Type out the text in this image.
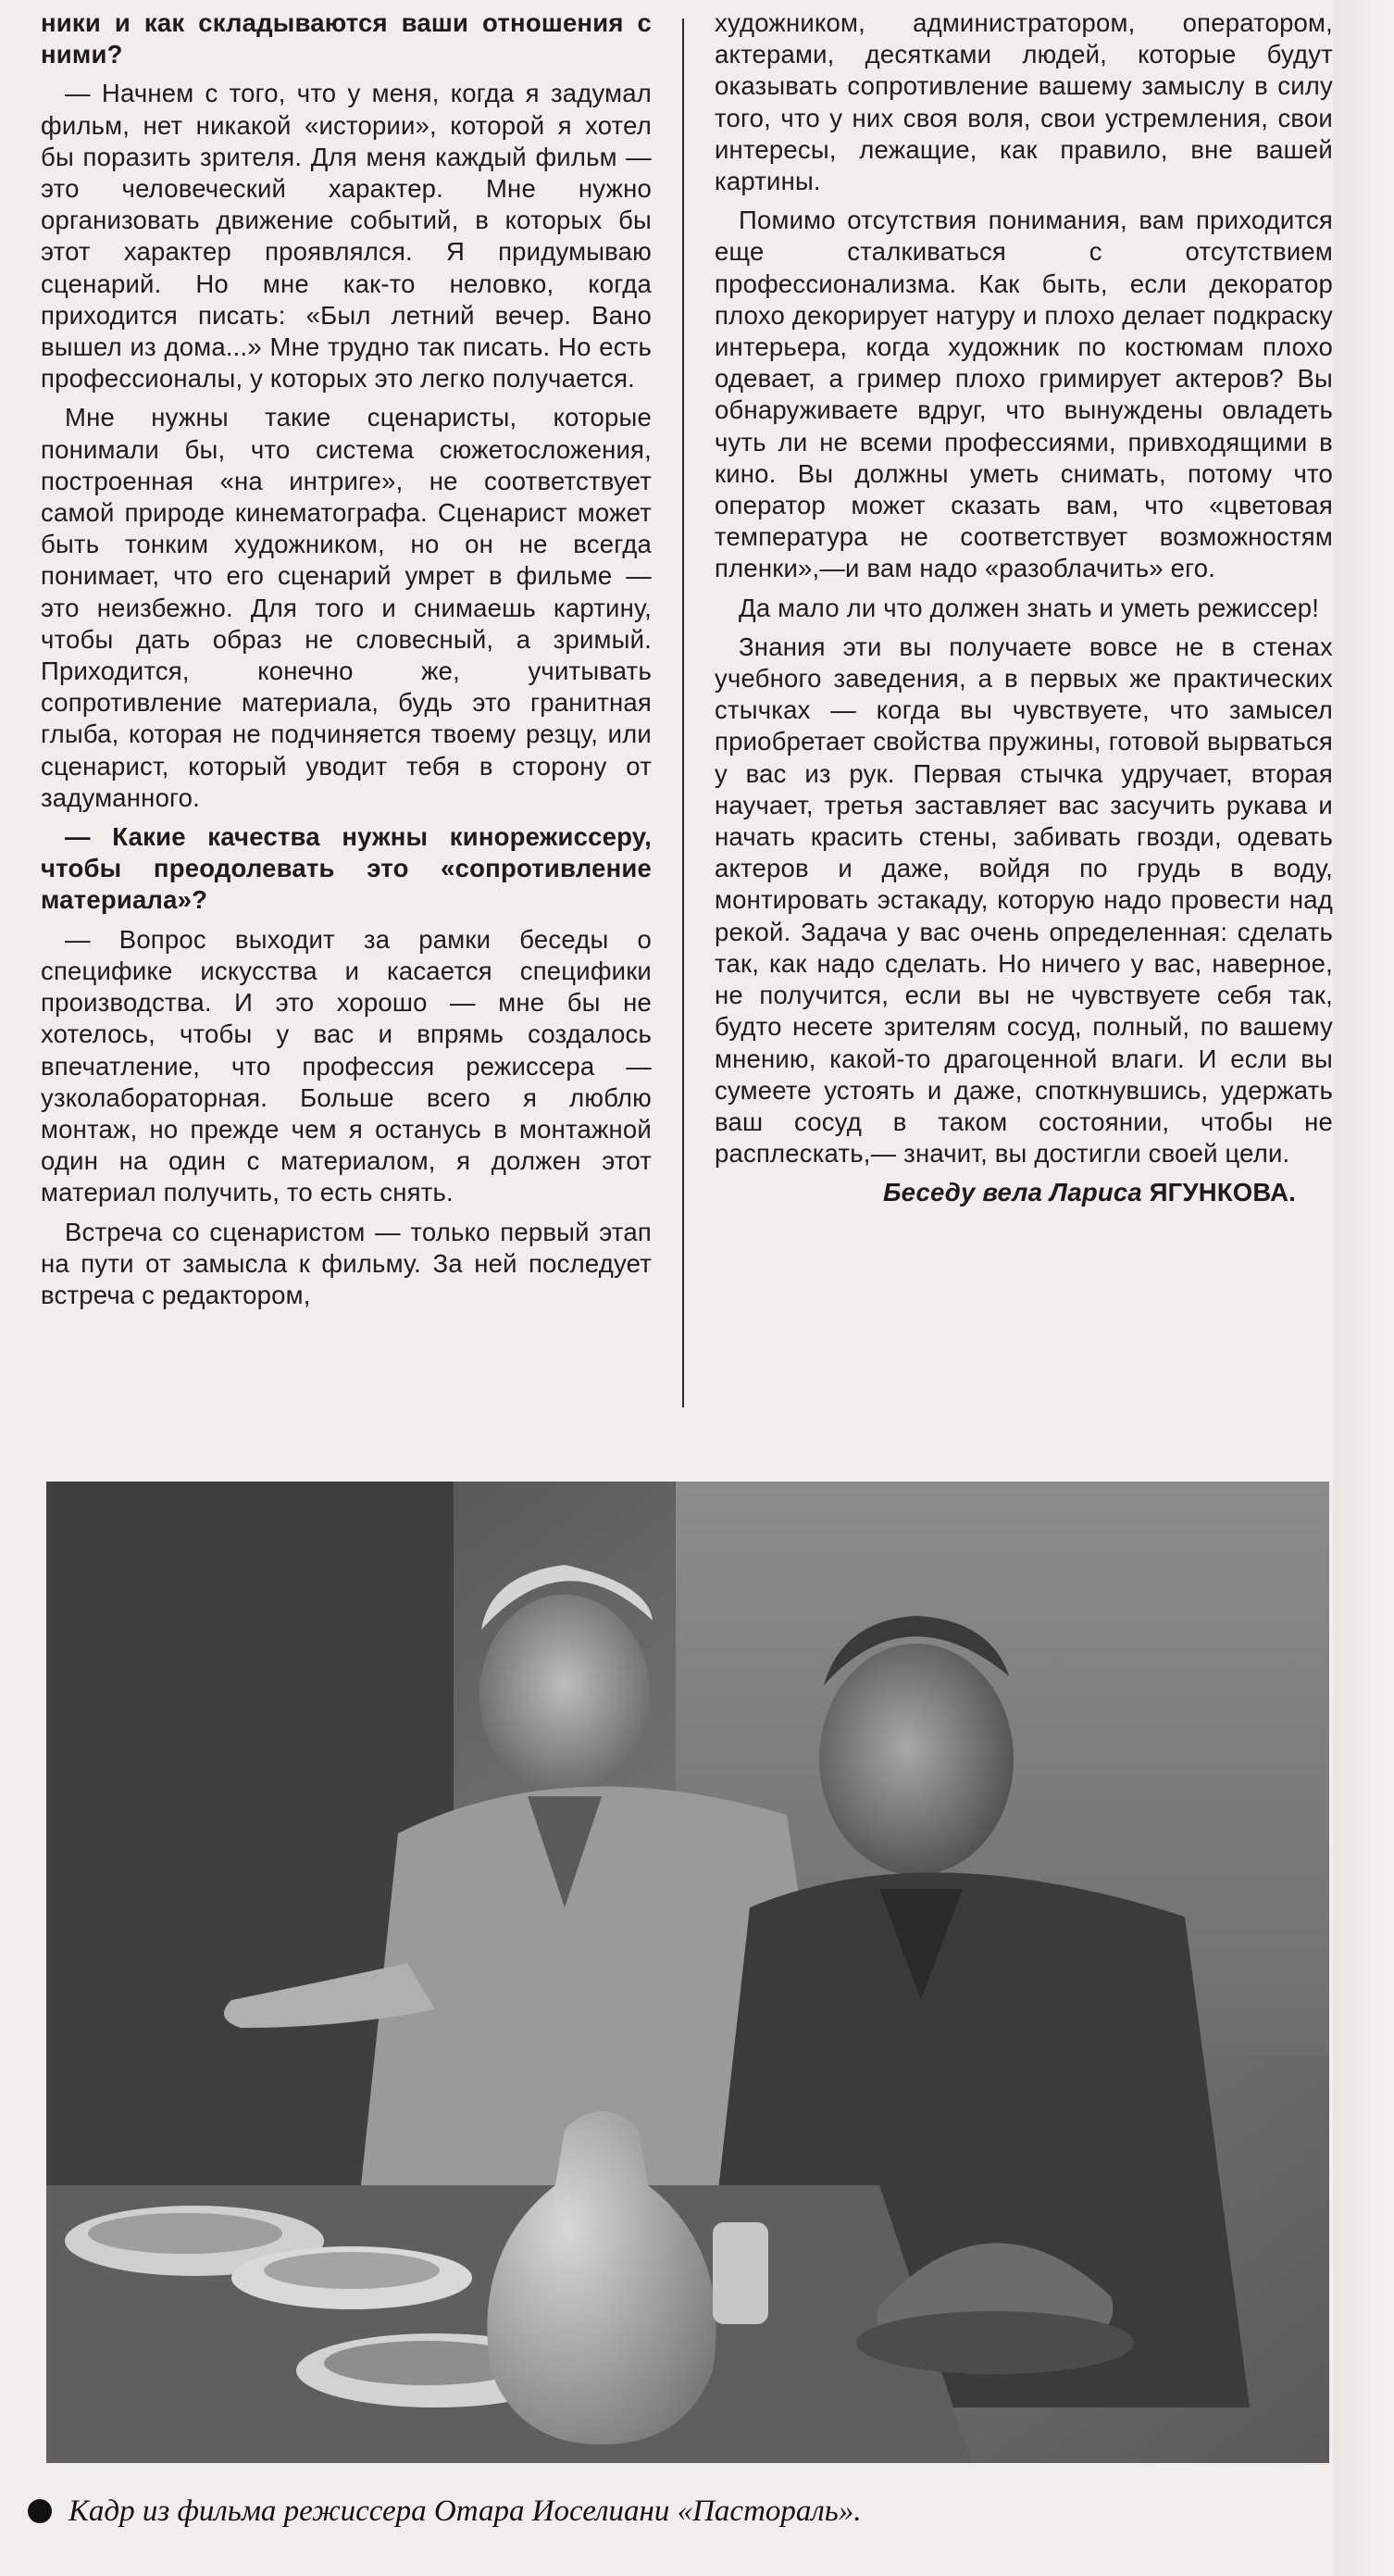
ники и как складываются ваши отношения с ними?

— Начнем с того, что у меня, когда я задумал фильм, нет никакой «истории», которой я хотел бы поразить зрителя. Для меня каждый фильм — это человеческий характер. Мне нужно организовать движение событий, в которых бы этот характер проявлялся. Я придумываю сценарий. Но мне как-то неловко, когда приходится писать: «Был летний вечер. Вано вышел из дома...» Мне трудно так писать. Но есть профессионалы, у которых это легко получается.

Мне нужны такие сценаристы, которые понимали бы, что система сюжетосложения, построенная «на интриге», не соответствует самой природе кинематографа. Сценарист может быть тонким художником, но он не всегда понимает, что его сценарий умрет в фильме — это неизбежно. Для того и снимаешь картину, чтобы дать образ не словесный, а зримый. Приходится, конечно же, учитывать сопротивление материала, будь это гранитная глыба, которая не подчиняется твоему резцу, или сценарист, который уводит тебя в сторону от задуманного.

— Какие качества нужны кинорежиссеру, чтобы преодолевать это «сопротивление материала»?

— Вопрос выходит за рамки беседы о специфике искусства и касается специфики производства. И это хорошо — мне бы не хотелось, чтобы у вас и впрямь создалось впечатление, что профессия режиссера — узколабораторная. Больше всего я люблю монтаж, но прежде чем я останусь в монтажной один на один с материалом, я должен этот материал получить, то есть снять.

Встреча со сценаристом — только первый этап на пути от замысла к фильму. За ней последует встреча с редактором,

художником, администратором, оператором, актерами, десятками людей, которые будут оказывать сопротивление вашему замыслу в силу того, что у них своя воля, свои устремления, свои интересы, лежащие, как правило, вне вашей картины.

Помимо отсутствия понимания, вам приходится еще сталкиваться с отсутствием профессионализма. Как быть, если декоратор плохо декорирует натуру и плохо делает подкраску интерьера, когда художник по костюмам плохо одевает, а гример плохо гримирует актеров? Вы обнаруживаете вдруг, что вынуждены овладеть чуть ли не всеми профессиями, привходящими в кино. Вы должны уметь снимать, потому что оператор может сказать вам, что «цветовая температура не соответствует возможностям пленки»,—и вам надо «разоблачить» его.

Да мало ли что должен знать и уметь режиссер!

Знания эти вы получаете вовсе не в стенах учебного заведения, а в первых же практических стычках — когда вы чувствуете, что замысел приобретает свойства пружины, готовой вырваться у вас из рук. Первая стычка удручает, вторая научает, третья заставляет вас засучить рукава и начать красить стены, забивать гвозди, одевать актеров и даже, войдя по грудь в воду, монтировать эстакаду, которую надо провести над рекой. Задача у вас очень определенная: сделать так, как надо сделать. Но ничего у вас, наверное, не получится, если вы не чувствуете себя так, будто несете зрителям сосуд, полный, по вашему мнению, какой-то драгоценной влаги. И если вы сумеете устоять и даже, споткнувшись, удержать ваш сосуд в таком состоянии, чтобы не расплескать,— значит, вы достигли своей цели.

Беседу вела Лариса ЯГУНКОВА.

Кадр из фильма режиссера Отара Иоселиани «Пастораль».
